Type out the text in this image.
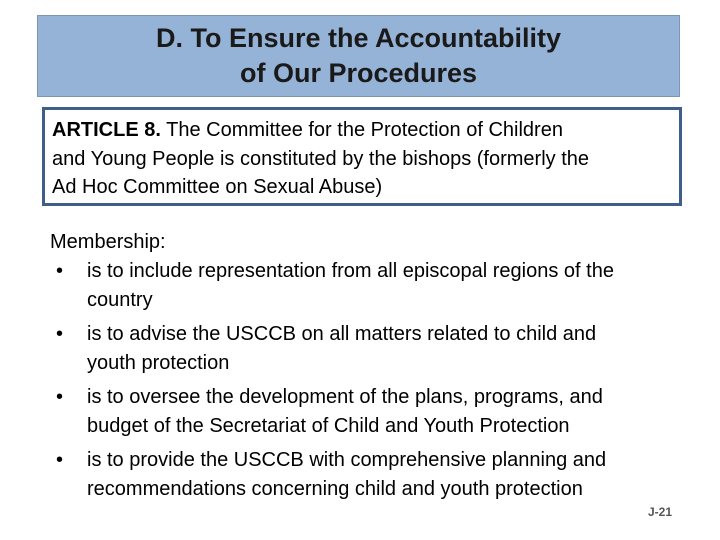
D. To Ensure the Accountability
of Our Procedures
ARTICLE 8. The Committee for the Protection of Children
and Young People is constituted by the bishops (formerly the
Ad Hoc Committee on Sexual Abuse)
Membership:
• is to include representation from all episcopal regions of the
country
• is to advise the USCCB on all matters related to child and
youth protection
• is to oversee the development of the plans, programs, and
budget of the Secretariat of Child and Youth Protection
• is to provide the USCCB with comprehensive planning and
recommendations concerning child and youth protection
J-21
